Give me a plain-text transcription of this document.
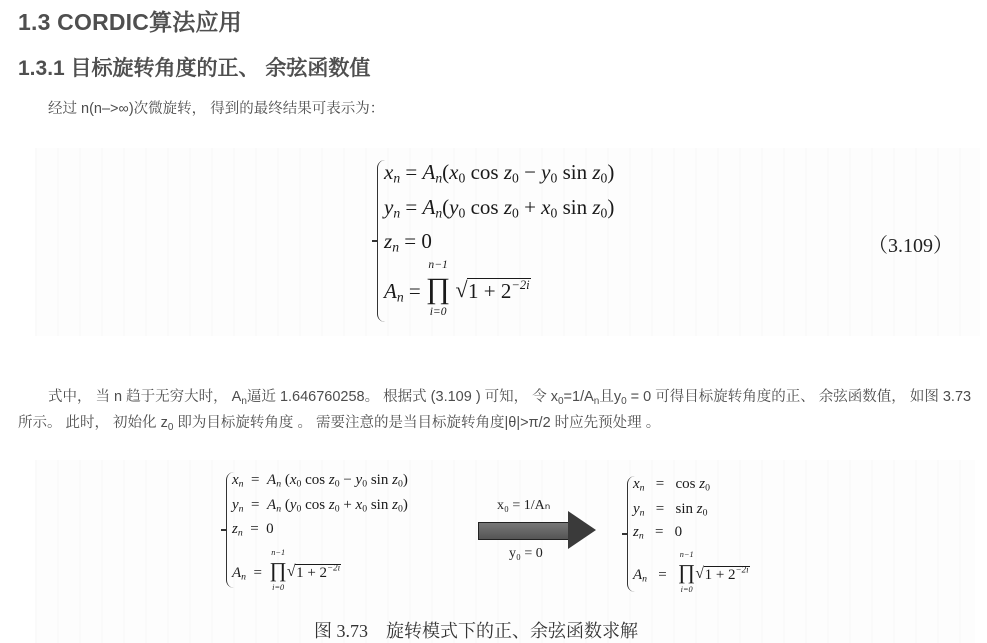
1.3 CORDIC算法应用
1.3.1 目标旋转角度的正、 余弦函数值

经过 n(n–>∞)次微旋转， 得到的最终结果可表示为：

$x_n = A_n(x_0$ $\cos z_0 - y_0$ $\sin z_0$)
$y_n = A_n(y_0$ $\cos z_0 + x_0$ $\sin z_0$)
$z_n = 0$
$A_n$ =
n−1
∏
i=0
√ $1 + 2^{-2i}$
（3.109）

式中， 当 n 趋于无穷大时， $A_n$逼近 1.646760258。 根据式 (3.109 ) 可知， 令 $x_0=1/A_n$且$y_0 = 0$ 可得目标旋转角度的正、 余弦函数值， 如图 3.73 所示。 此时， 初始化 $z_0$ 即为目标旋转角度 。 需要注意的是当目标旋转角度|θ|>π/2 时应先预处理 。

$x_n = A_n$ ($x_0$ $\cos z_0 - y_0$ $\sin z_0$)
$y_n = A_n$ ($y_0$ $\cos z_0 + x_0$ $\sin z_0$)
$z_n = 0$
$A_n$  =
n−1
∏
i=0
√ $1 + 2^{-2i}$
x₀ = 1/Aₙ
y₀ = 0
$x_n = \cos z_0$
$y_n = \sin z_0$
$z_n = 0$
$A_n$   =
n−1
∏
i=0
√ $1 + 2^{-2i}$
图 3.73 旋转模式下的正、余弦函数求解
